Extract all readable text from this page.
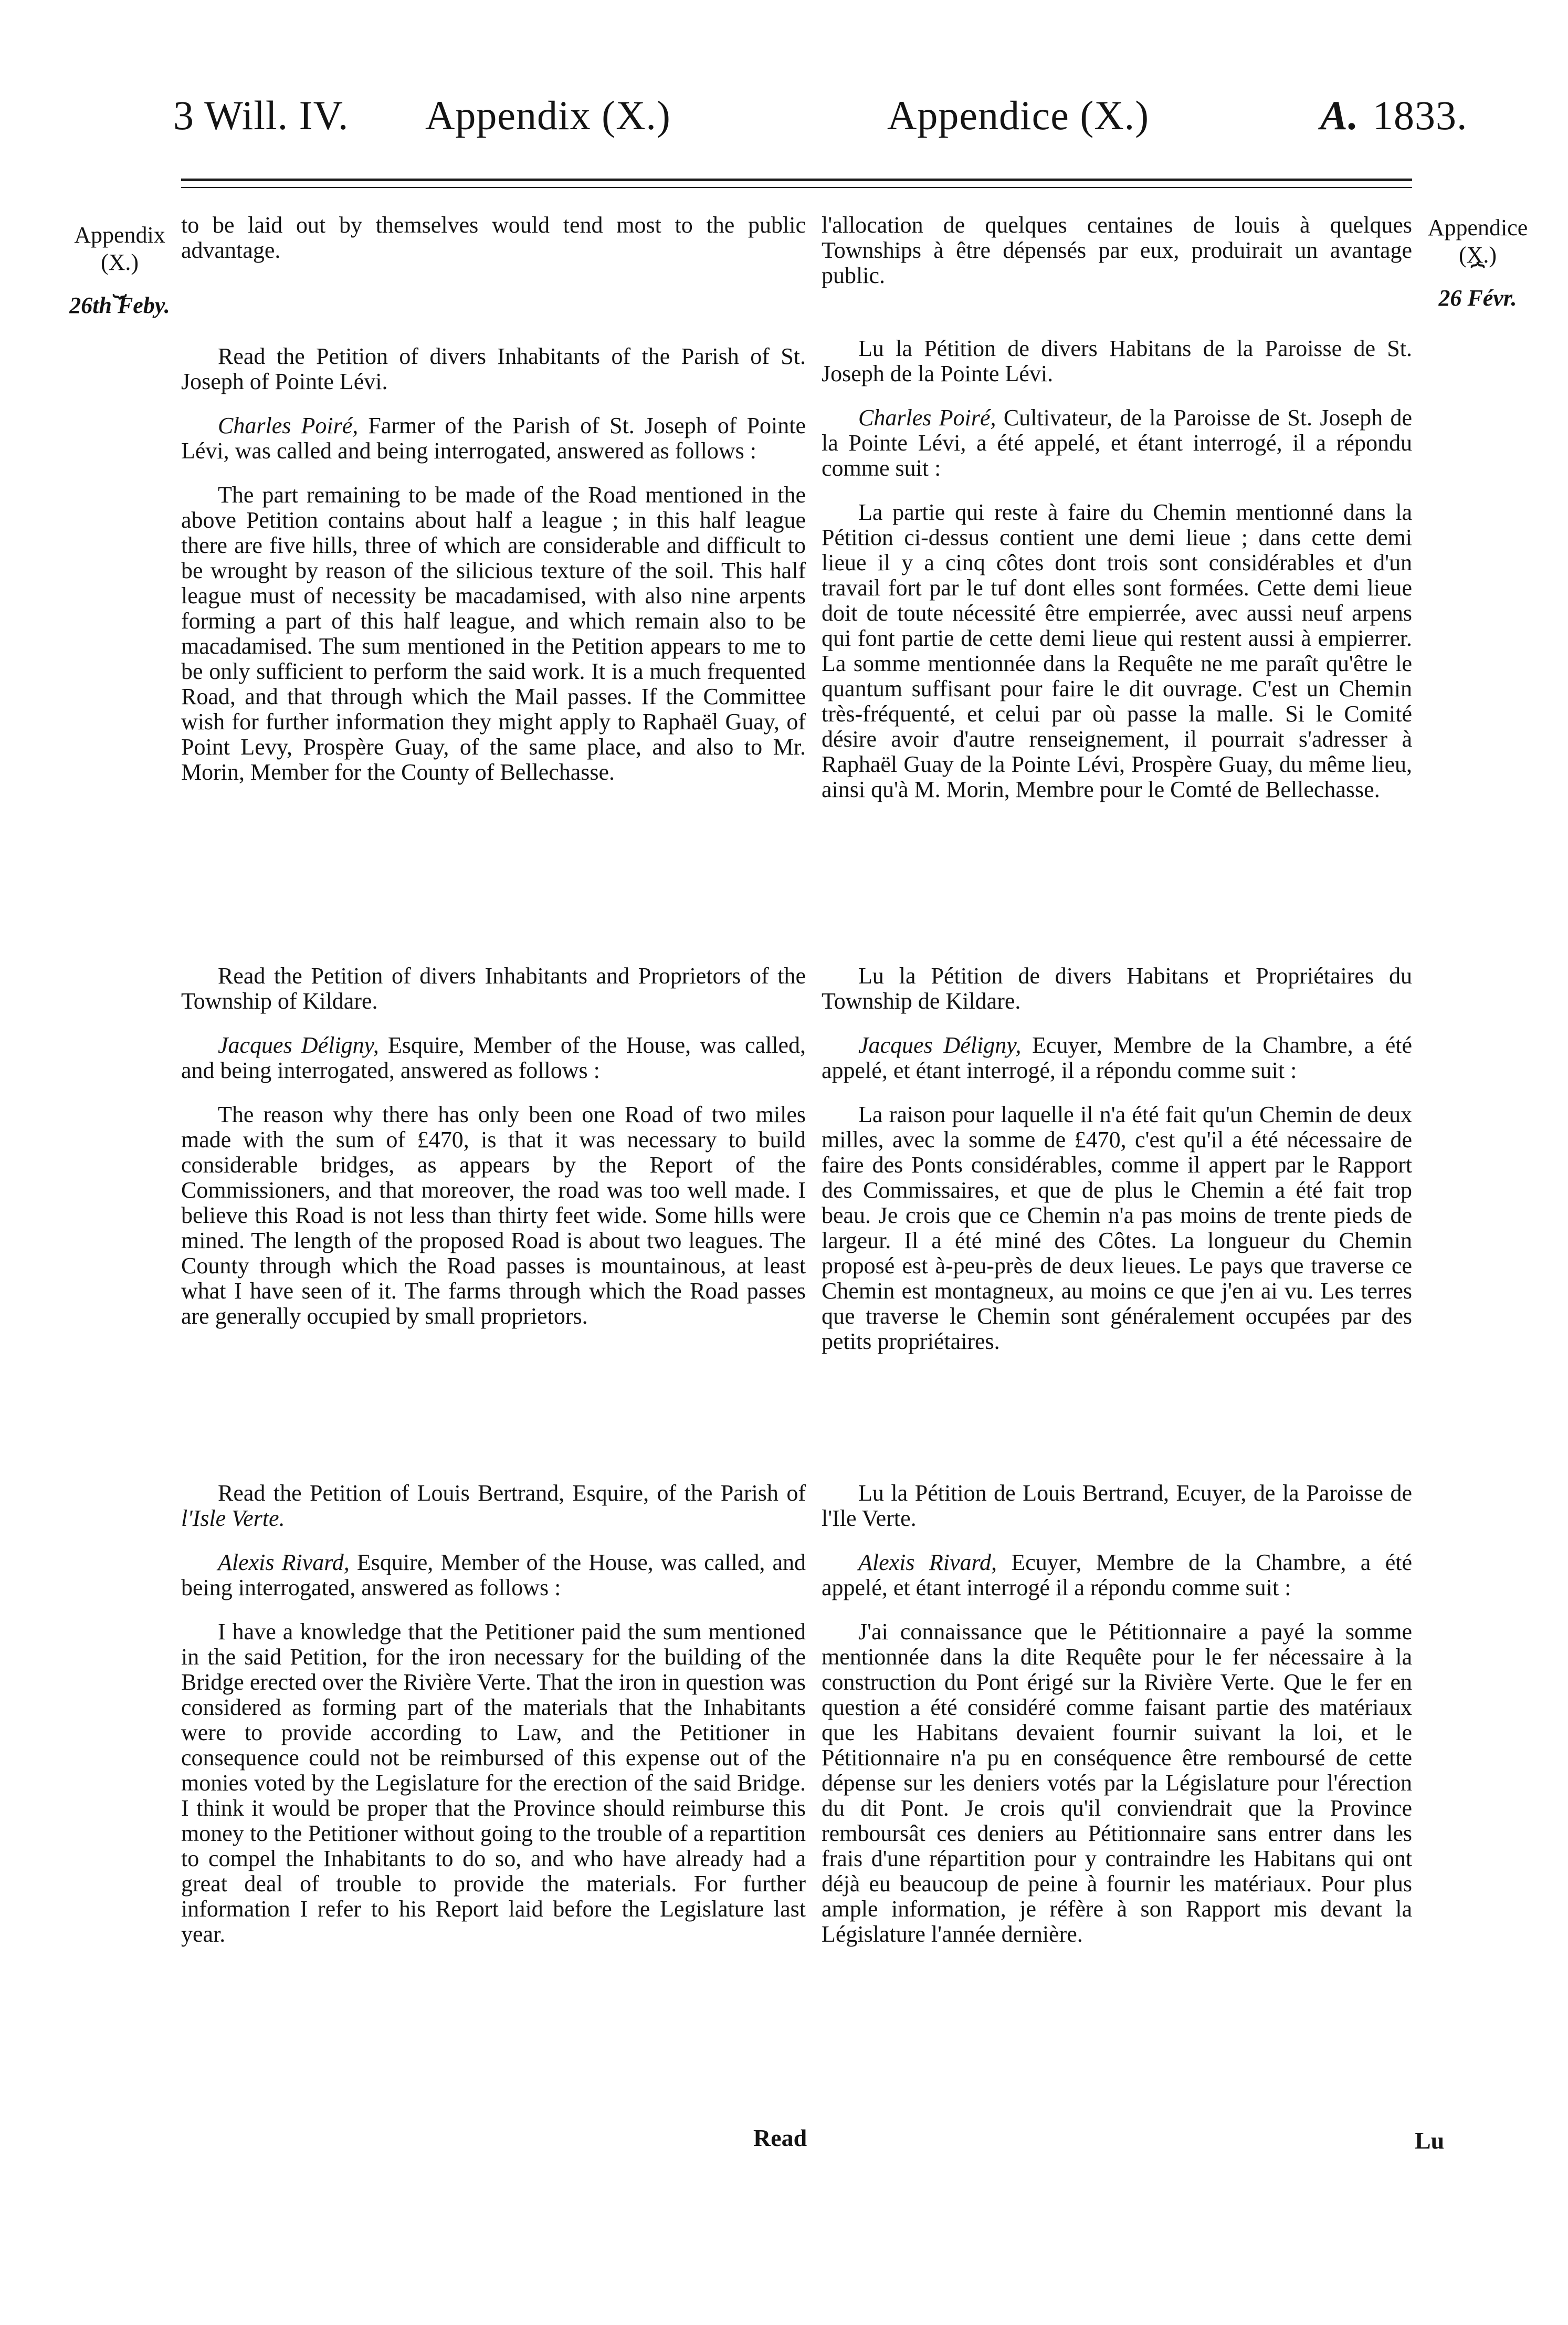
3 Will. IV. Appendix (X.)	Appendice (X.)	A. 1833.
Appendix
(X.)
⏟
26th Feby.
Appendice
(X.)
⏞
26 Févr.

to be laid out by themselves would tend most to the public advantage.

Read the Petition of divers Inhabitants of the Parish of St. Joseph of Pointe Lévi.

Charles Poiré, Farmer of the Parish of St. Joseph of Pointe Lévi, was called and being interrogated, answered as follows :

The part remaining to be made of the Road mentioned in the above Petition contains about half a league ; in this half league there are five hills, three of which are considerable and difficult to be wrought by reason of the silicious texture of the soil. This half league must of necessity be macadamised, with also nine arpents forming a part of this half league, and which remain also to be macadamised. The sum mentioned in the Petition appears to me to be only sufficient to perform the said work. It is a much frequented Road, and that through which the Mail passes. If the Committee wish for further information they might apply to Raphaël Guay, of Point Levy, Prospère Guay, of the same place, and also to Mr. Morin, Member for the County of Bellechasse.

Read the Petition of divers Inhabitants and Proprietors of the Township of Kildare.

Jacques Déligny, Esquire, Member of the House, was called, and being interrogated, answered as follows :

The reason why there has only been one Road of two miles made with the sum of £470, is that it was necessary to build considerable bridges, as appears by the Report of the Commissioners, and that moreover, the road was too well made. I believe this Road is not less than thirty feet wide. Some hills were mined. The length of the proposed Road is about two leagues. The County through which the Road passes is mountainous, at least what I have seen of it. The farms through which the Road passes are generally occupied by small proprietors.

Read the Petition of Louis Bertrand, Esquire, of the Parish of l'Isle Verte.

Alexis Rivard, Esquire, Member of the House, was called, and being interrogated, answered as follows :

I have a knowledge that the Petitioner paid the sum mentioned in the said Petition, for the iron necessary for the building of the Bridge erected over the Rivière Verte. That the iron in question was considered as forming part of the materials that the Inhabitants were to provide according to Law, and the Petitioner in consequence could not be reimbursed of this expense out of the monies voted by the Legislature for the erection of the said Bridge. I think it would be proper that the Province should reimburse this money to the Petitioner without going to the trouble of a repartition to compel the Inhabitants to do so, and who have already had a great deal of trouble to provide the materials. For further information I refer to his Report laid before the Legislature last year.

l'allocation de quelques centaines de louis à quelques Townships à être dépensés par eux, produirait un avantage public.

Lu la Pétition de divers Habitans de la Paroisse de St. Joseph de la Pointe Lévi.

Charles Poiré, Cultivateur, de la Paroisse de St. Joseph de la Pointe Lévi, a été appelé, et étant interrogé, il a répondu comme suit :

La partie qui reste à faire du Chemin mentionné dans la Pétition ci-dessus contient une demi lieue ; dans cette demi lieue il y a cinq côtes dont trois sont considérables et d'un travail fort par le tuf dont elles sont formées. Cette demi lieue doit de toute nécessité être empierrée, avec aussi neuf arpens qui font partie de cette demi lieue qui restent aussi à empierrer. La somme mentionnée dans la Requête ne me paraît qu'être le quantum suffisant pour faire le dit ouvrage. C'est un Chemin très-fréquenté, et celui par où passe la malle. Si le Comité désire avoir d'autre renseignement, il pourrait s'adresser à Raphaël Guay de la Pointe Lévi, Prospère Guay, du même lieu, ainsi qu'à M. Morin, Membre pour le Comté de Bellechasse.

Lu la Pétition de divers Habitans et Propriétaires du Township de Kildare.

Jacques Déligny, Ecuyer, Membre de la Chambre, a été appelé, et étant interrogé, il a répondu comme suit :

La raison pour laquelle il n'a été fait qu'un Chemin de deux milles, avec la somme de £470, c'est qu'il a été nécessaire de faire des Ponts considérables, comme il appert par le Rapport des Commissaires, et que de plus le Chemin a été fait trop beau. Je crois que ce Chemin n'a pas moins de trente pieds de largeur. Il a été miné des Côtes. La longueur du Chemin proposé est à-peu-près de deux lieues. Le pays que traverse ce Chemin est montagneux, au moins ce que j'en ai vu. Les terres que traverse le Chemin sont généralement occupées par des petits propriétaires.

Lu la Pétition de Louis Bertrand, Ecuyer, de la Paroisse de l'Ile Verte.

Alexis Rivard, Ecuyer, Membre de la Chambre, a été appelé, et étant interrogé il a répondu comme suit :

J'ai connaissance que le Pétitionnaire a payé la somme mentionnée dans la dite Requête pour le fer nécessaire à la construction du Pont érigé sur la Rivière Verte. Que le fer en question a été considéré comme faisant partie des matériaux que les Habitans devaient fournir suivant la loi, et le Pétitionnaire n'a pu en conséquence être remboursé de cette dépense sur les deniers votés par la Législature pour l'érection du dit Pont. Je crois qu'il conviendrait que la Province remboursât ces deniers au Pétitionnaire sans entrer dans les frais d'une répartition pour y contraindre les Habitans qui ont déjà eu beaucoup de peine à fournir les matériaux. Pour plus ample information, je réfère à son Rapport mis devant la Législature l'année dernière.

Read	Lu
